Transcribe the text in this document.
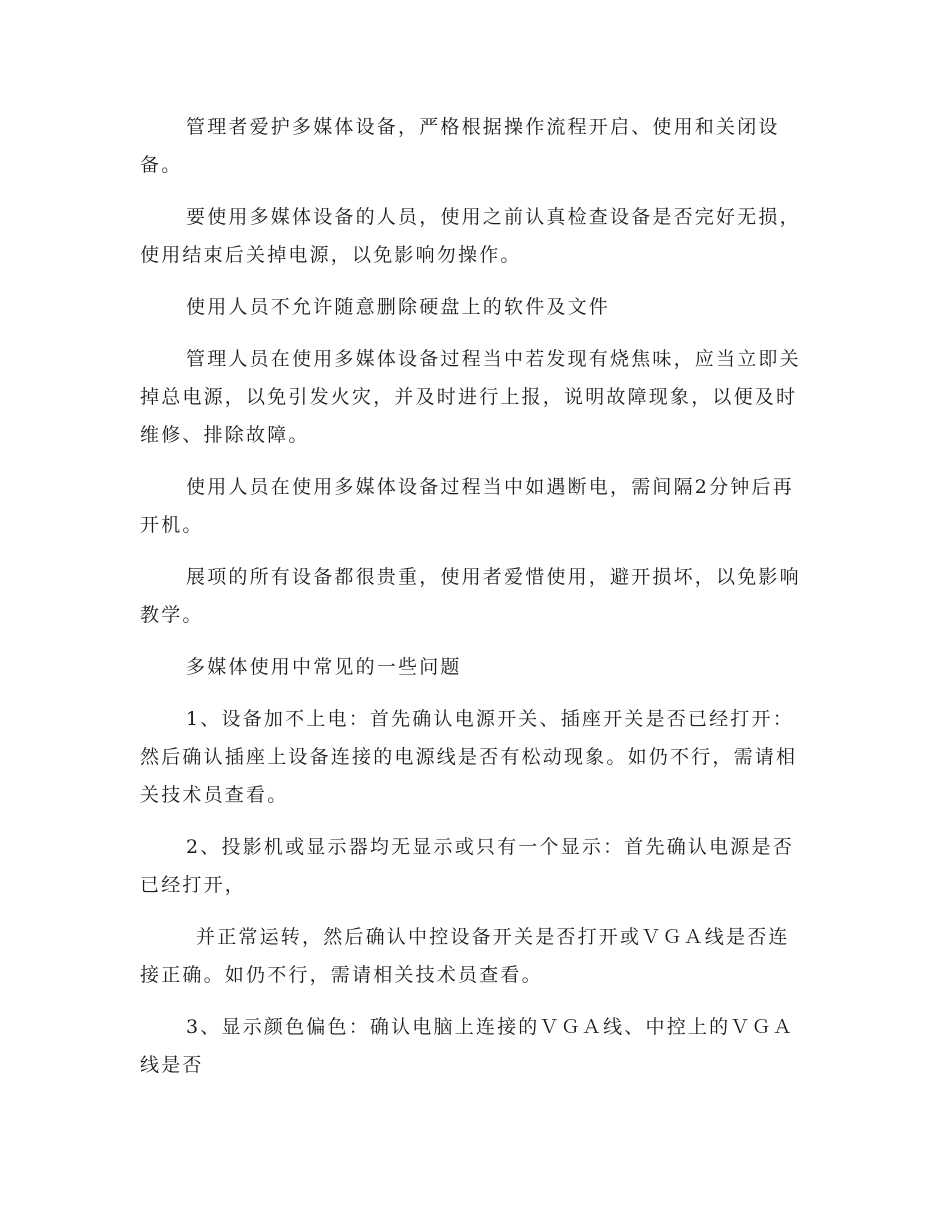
管理者爱护多媒体设备，严格根据操作流程开启、使用和关闭设备。

要使用多媒体设备的人员，使用之前认真检查设备是否完好无损，使用结束后关掉电源，以免影响勿操作。

使用人员不允许随意删除硬盘上的软件及文件

管理人员在使用多媒体设备过程当中若发现有烧焦味，应当立即关掉总电源，以免引发火灾，并及时进行上报，说明故障现象，以便及时维修、排除故障。

使用人员在使用多媒体设备过程当中如遇断电，需间隔2分钟后再开机。

展项的所有设备都很贵重，使用者爱惜使用，避开损坏，以免影响教学。

多媒体使用中常见的一些问题

1、设备加不上电：首先确认电源开关、插座开关是否已经打开：然后确认插座上设备连接的电源线是否有松动现象。如仍不行，需请相关技术员查看。

2、投影机或显示器均无显示或只有一个显示：首先确认电源是否已经打开，

并正常运转，然后确认中控设备开关是否打开或ＶＧＡ线是否连接正确。如仍不行，需请相关技术员查看。

3、显示颜色偏色：确认电脑上连接的ＶＧＡ线、中控上的ＶＧＡ线是否
